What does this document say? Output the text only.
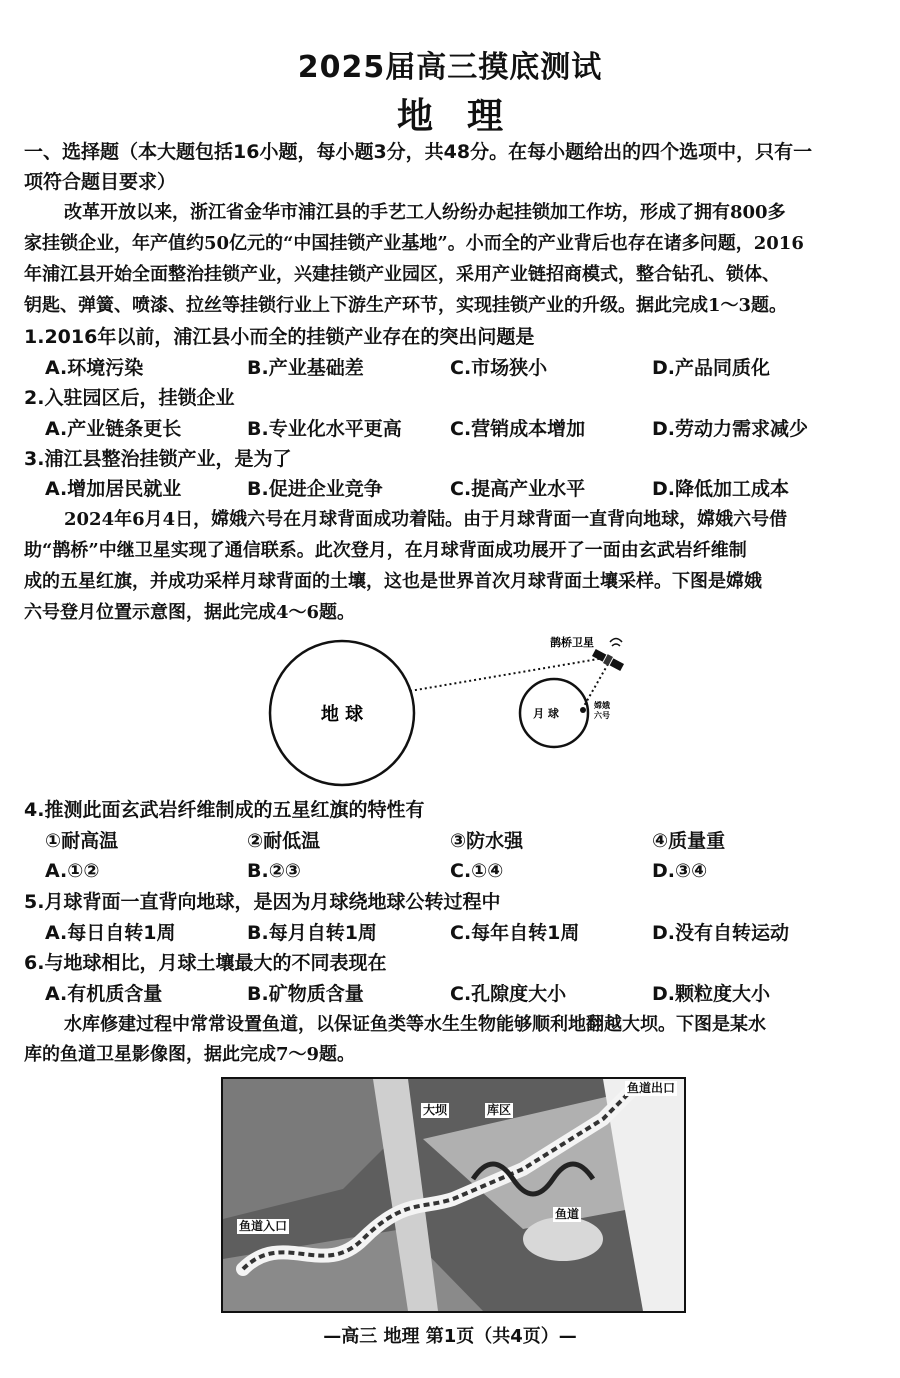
2025届高三摸底测试
地理
一、选择题（本大题包括16小题，每小题3分，共48分。在每小题给出的四个选项中，只有一
项符合题目要求）
改革开放以来，浙江省金华市浦江县的手艺工人纷纷办起挂锁加工作坊，形成了拥有800多
家挂锁企业，年产值约50亿元的“中国挂锁产业基地”。小而全的产业背后也存在诸多问题，2016
年浦江县开始全面整治挂锁产业，兴建挂锁产业园区，采用产业链招商模式，整合钻孔、锁体、
钥匙、弹簧、喷漆、拉丝等挂锁行业上下游生产环节，实现挂锁产业的升级。据此完成1～3题。
1.2016年以前，浦江县小而全的挂锁产业存在的突出问题是
A.环境污染	B.产业基础差	C.市场狭小	D.产品同质化
2.入驻园区后，挂锁企业
A.产业链条更长	B.专业化水平更高	C.营销成本增加	D.劳动力需求减少
3.浦江县整治挂锁产业，是为了
A.增加居民就业	B.促进企业竞争	C.提高产业水平	D.降低加工成本
2024年6月4日，嫦娥六号在月球背面成功着陆。由于月球背面一直背向地球，嫦娥六号借
助“鹊桥”中继卫星实现了通信联系。此次登月，在月球背面成功展开了一面由玄武岩纤维制
成的五星红旗，并成功采样月球背面的土壤，这也是世界首次月球背面土壤采样。下图是嫦娥
六号登月位置示意图，据此完成4～6题。
地 球	月 球
嫦娥
六号
鹊桥卫星
4.推测此面玄武岩纤维制成的五星红旗的特性有
①耐高温	②耐低温	③防水强	④质量重
A.①②	B.②③	C.①④	D.③④
5.月球背面一直背向地球，是因为月球绕地球公转过程中
A.每日自转1周	B.每月自转1周	C.每年自转1周	D.没有自转运动
6.与地球相比，月球土壤最大的不同表现在
A.有机质含量	B.矿物质含量	C.孔隙度大小	D.颗粒度大小
水库修建过程中常常设置鱼道，以保证鱼类等水生生物能够顺利地翻越大坝。下图是某水
库的鱼道卫星影像图，据此完成7～9题。
大坝	库区
鱼道出口
鱼道
鱼道入口
—高三 地理 第1页（共4页）—
